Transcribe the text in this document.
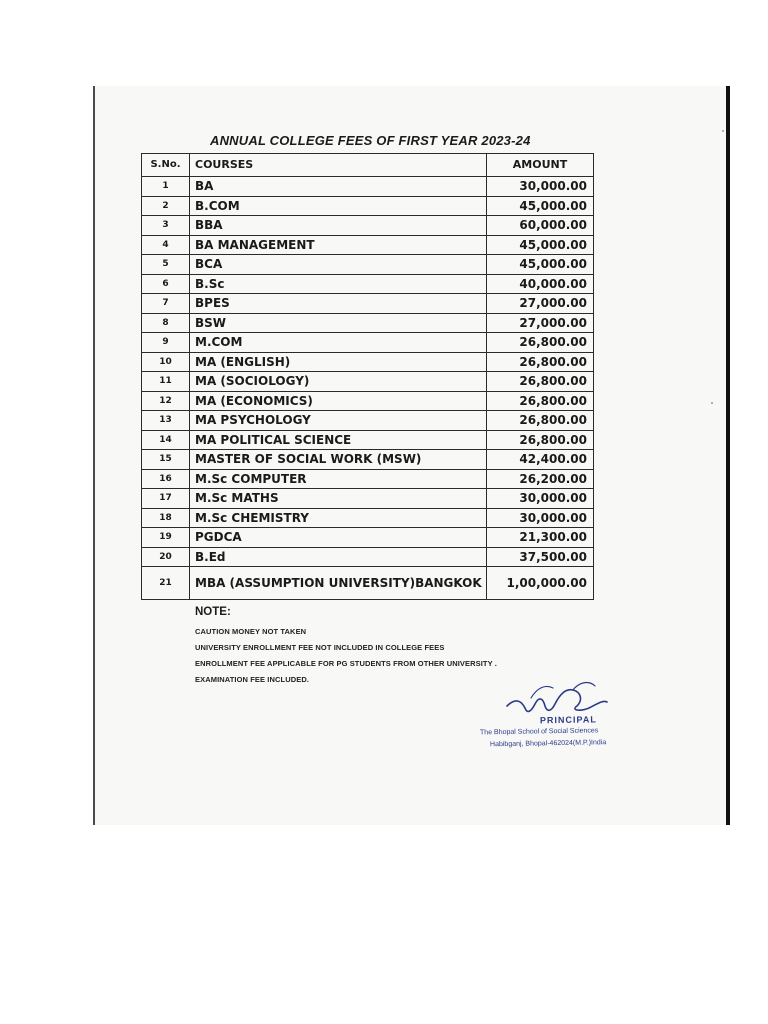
ANNUAL COLLEGE FEES OF FIRST YEAR 2023-24
S.No.	COURSES	AMOUNT
1	BA	30,000.00
2	B.COM	45,000.00
3	BBA	60,000.00
4	BA MANAGEMENT	45,000.00
5	BCA	45,000.00
6	B.Sc	40,000.00
7	BPES	27,000.00
8	BSW	27,000.00
9	M.COM	26,800.00
10	MA (ENGLISH)	26,800.00
11	MA (SOCIOLOGY)	26,800.00
12	MA (ECONOMICS)	26,800.00
13	MA PSYCHOLOGY	26,800.00
14	MA POLITICAL SCIENCE	26,800.00
15	MASTER OF SOCIAL WORK (MSW)	42,400.00
16	M.Sc COMPUTER	26,200.00
17	M.Sc MATHS	30,000.00
18	M.Sc CHEMISTRY	30,000.00
19	PGDCA	21,300.00
20	B.Ed	37,500.00
21	MBA (ASSUMPTION UNIVERSITY)BANGKOK	1,00,000.00
NOTE:
CAUTION MONEY NOT TAKEN
UNIVERSITY ENROLLMENT FEE NOT INCLUDED IN COLLEGE FEES
ENROLLMENT FEE APPLICABLE FOR PG STUDENTS FROM OTHER UNIVERSITY .
EXAMINATION FEE INCLUDED.
PRINCIPAL
The Bhopal School of Social Sciences
Habibganj, Bhopal-462024(M.P.)India
